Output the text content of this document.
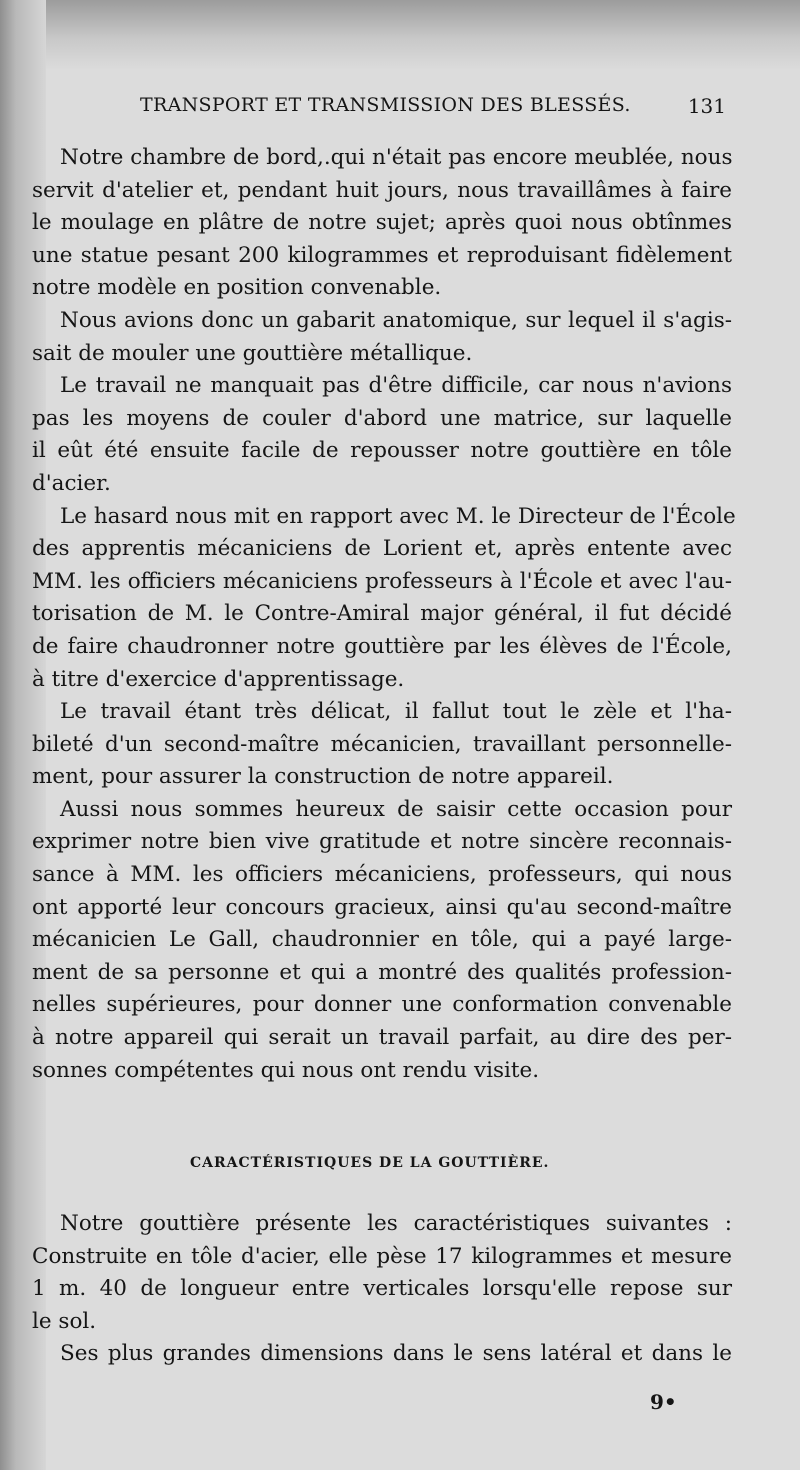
TRANSPORT ET TRANSMISSION DES BLESSÉS.	131
Notre chambre de bord,.qui n'était pas encore meublée, nous
servit d'atelier et, pendant huit jours, nous travaillâmes à faire
le moulage en plâtre de notre sujet; après quoi nous obtînmes
une statue pesant 200 kilogrammes et reproduisant fidèlement
notre modèle en position convenable.
Nous avions donc un gabarit anatomique, sur lequel il s'agis-
sait de mouler une gouttière métallique.
Le travail ne manquait pas d'être difficile, car nous n'avions
pas les moyens de couler d'abord une matrice, sur laquelle
il eût été ensuite facile de repousser notre gouttière en tôle
d'acier.
Le hasard nous mit en rapport avec M. le Directeur de l'École
des apprentis mécaniciens de Lorient et, après entente avec
MM. les officiers mécaniciens professeurs à l'École et avec l'au-
torisation de M. le Contre-Amiral major général, il fut décidé
de faire chaudronner notre gouttière par les élèves de l'École,
à titre d'exercice d'apprentissage.
Le travail étant très délicat, il fallut tout le zèle et l'ha-
bileté d'un second-maître mécanicien, travaillant personnelle-
ment, pour assurer la construction de notre appareil.
Aussi nous sommes heureux de saisir cette occasion pour
exprimer notre bien vive gratitude et notre sincère reconnais-
sance à MM. les officiers mécaniciens, professeurs, qui nous
ont apporté leur concours gracieux, ainsi qu'au second-maître
mécanicien Le Gall, chaudronnier en tôle, qui a payé large-
ment de sa personne et qui a montré des qualités profession-
nelles supérieures, pour donner une conformation convenable
à notre appareil qui serait un travail parfait, au dire des per-
sonnes compétentes qui nous ont rendu visite.
CARACTÉRISTIQUES DE LA GOUTTIÈRE.
Notre gouttière présente les caractéristiques suivantes :
Construite en tôle d'acier, elle pèse 17 kilogrammes et mesure
1 m. 40 de longueur entre verticales lorsqu'elle repose sur
le sol.
Ses plus grandes dimensions dans le sens latéral et dans le
9•
